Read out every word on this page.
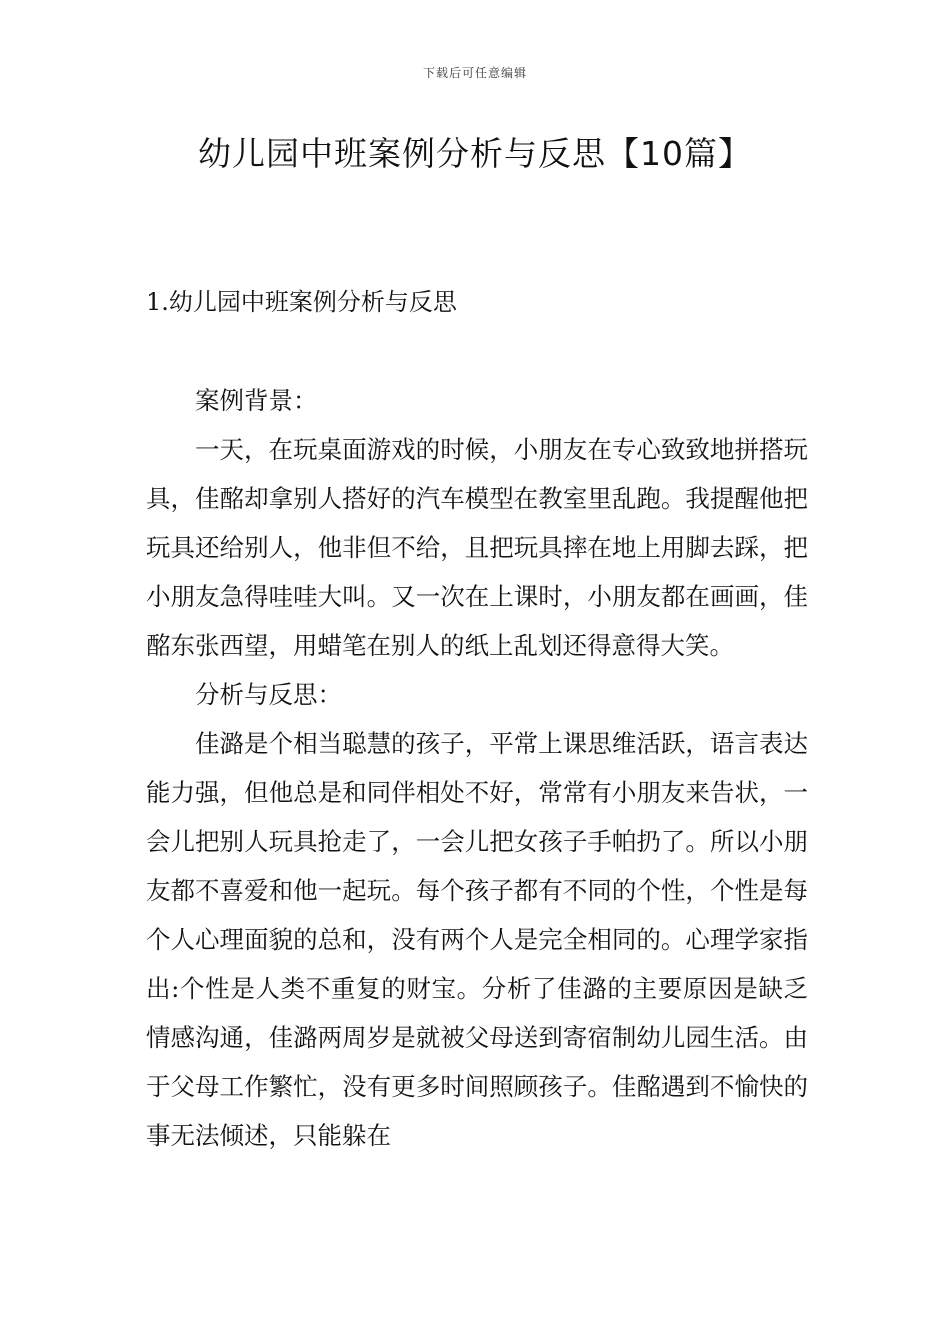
下载后可任意编辑
幼儿园中班案例分析与反思【10篇】
1.幼儿园中班案例分析与反思

案例背景：

一天，在玩桌面游戏的时候，小朋友在专心致致地拼搭玩具，佳酩却拿别人搭好的汽车模型在教室里乱跑。我提醒他把玩具还给别人，他非但不给，且把玩具摔在地上用脚去踩，把小朋友急得哇哇大叫。又一次在上课时，小朋友都在画画，佳酩东张西望，用蜡笔在别人的纸上乱划还得意得大笑。

分析与反思：

佳潞是个相当聪慧的孩子，平常上课思维活跃，语言表达能力强，但他总是和同伴相处不好，常常有小朋友来告状，一会儿把别人玩具抢走了，一会儿把女孩子手帕扔了。所以小朋友都不喜爱和他一起玩。每个孩子都有不同的个性，个性是每个人心理面貌的总和，没有两个人是完全相同的。心理学家指出:个性是人类不重复的财宝。分析了佳潞的主要原因是缺乏情感沟通，佳潞两周岁是就被父母送到寄宿制幼儿园生活。由于父母工作繁忙，没有更多时间照顾孩子。佳酩遇到不愉快的事无法倾述，只能躲在
